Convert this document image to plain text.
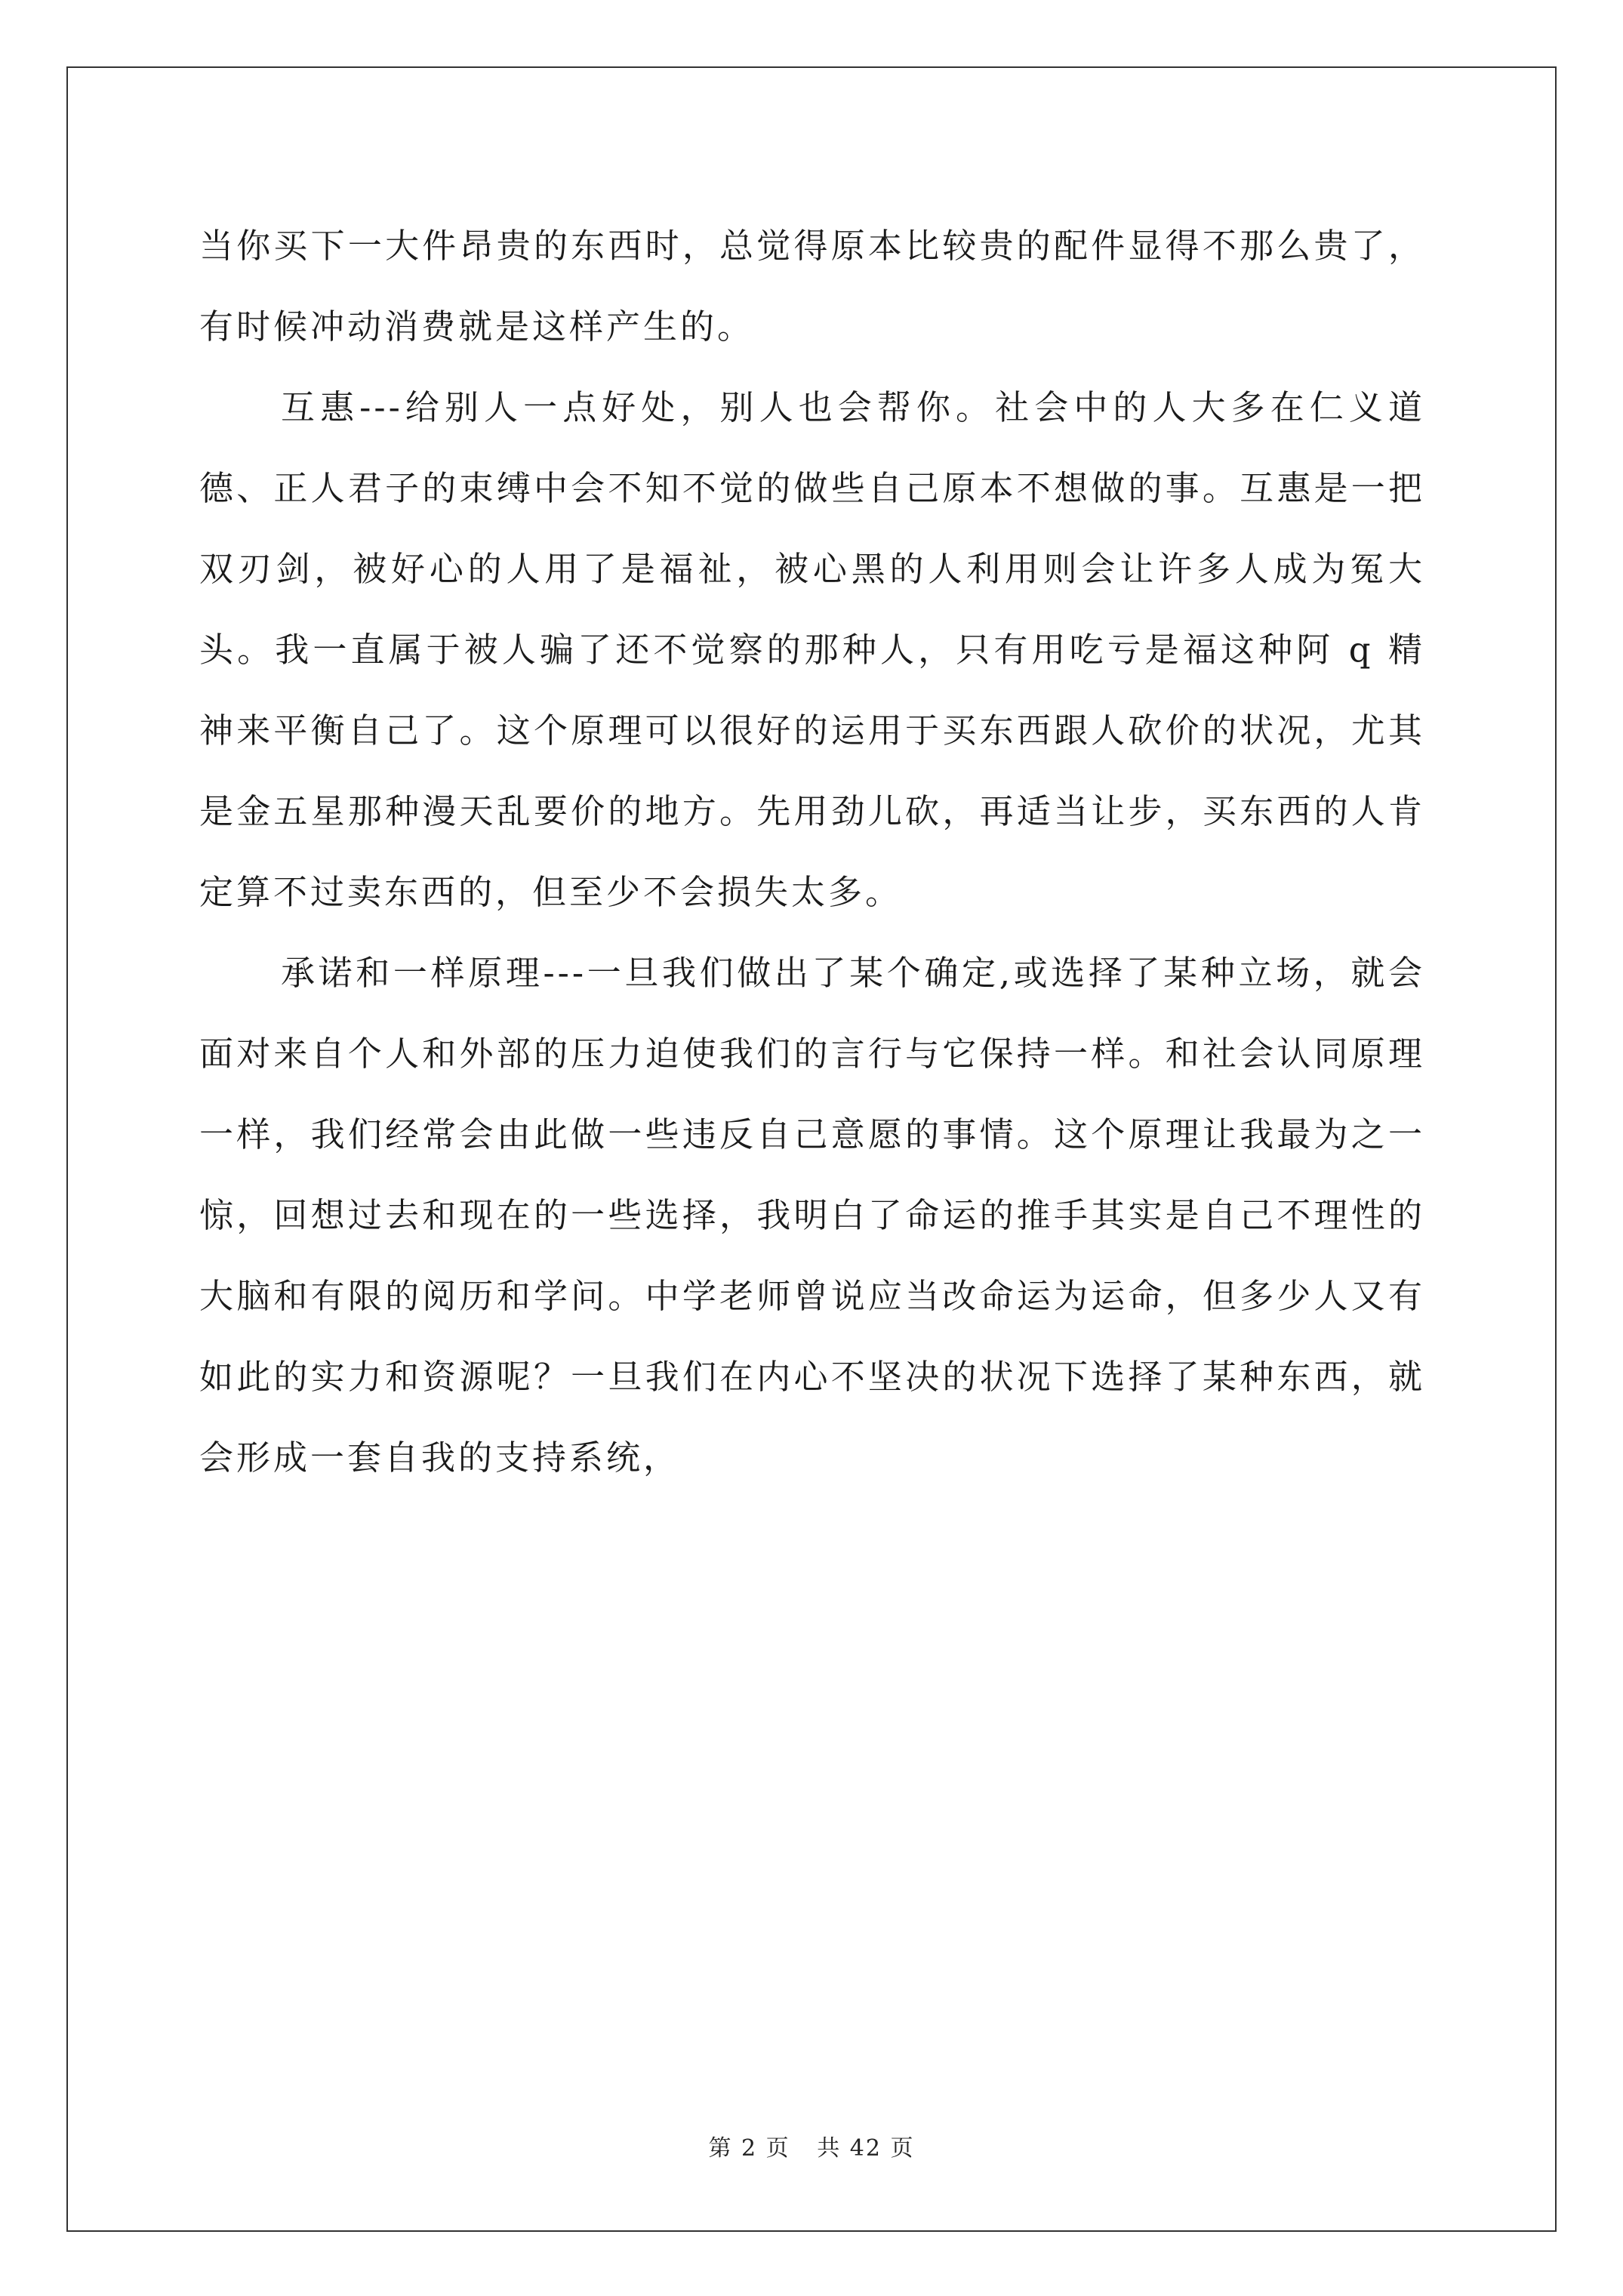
当你买下一大件昂贵的东西时，总觉得原本比较贵的配件显得不那么贵了，有时候冲动消费就是这样产生的。

互惠---给别人一点好处，别人也会帮你。社会中的人大多在仁义道德、正人君子的束缚中会不知不觉的做些自己原本不想做的事。互惠是一把双刃剑，被好心的人用了是福祉，被心黑的人利用则会让许多人成为冤大头。我一直属于被人骗了还不觉察的那种人，只有用吃亏是福这种阿 q 精神来平衡自己了。这个原理可以很好的运用于买东西跟人砍价的状况，尤其是金五星那种漫天乱要价的地方。先用劲儿砍，再适当让步，买东西的人肯定算不过卖东西的，但至少不会损失太多。

承诺和一样原理---一旦我们做出了某个确定,或选择了某种立场，就会面对来自个人和外部的压力迫使我们的言行与它保持一样。和社会认同原理一样，我们经常会由此做一些违反自己意愿的事情。这个原理让我最为之一惊，回想过去和现在的一些选择，我明白了命运的推手其实是自己不理性的大脑和有限的阅历和学问。中学老师曾说应当改命运为运命，但多少人又有如此的实力和资源呢？一旦我们在内心不坚决的状况下选择了某种东西，就会形成一套自我的支持系统，

第 2 页 共 42 页
